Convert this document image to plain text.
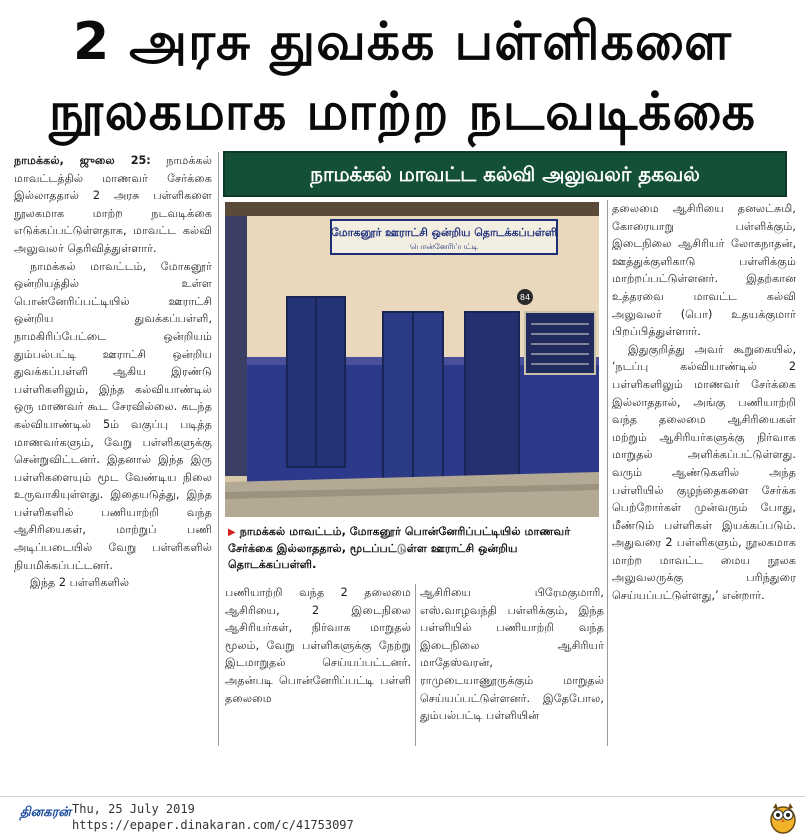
2 அரசு துவக்க பள்ளிகளை
நூலகமாக மாற்ற நடவடிக்கை
நாமக்கல் மாவட்ட கல்வி அலுவலர் தகவல்

நாமக்கல், ஜுலை 25: நாமக்கல் மாவட்டத்தில் மாணவர் சேர்க்கை இல்லாததால் 2 அரசு பள்ளிகளை நூலகமாக மாற்ற நடவடிக்கை எடுக்கப்பட்டுள்ளதாக, மாவட்ட கல்வி அலுவலர் தெரிவித்துள்ளார்.

நாமக்கல் மாவட்டம், மோகனூர் ஒன்றியத்தில் உள்ள பொன்னேரிப்பட்டியில் ஊராட்சி ஒன்றிய துவக்கப்பள்ளி, நாமகிரிப்பேட்டை ஒன்றியம் தும்பல்பட்டி ஊராட்சி ஒன்றிய துவக்கப்பள்ளி ஆகிய இரண்டு பள்ளிகளிலும், இந்த கல்வியாண்டில் ஒரு மாணவர் கூட சேரவில்லை. கடந்த கல்வியாண்டில் 5ம் வகுப்பு படித்த மாணவர்களும், வேறு பள்ளிகளுக்கு சென்றுவிட்டனர். இதனால் இந்த இரு பள்ளிகளையும் மூட வேண்டிய நிலை உருவாகியுள்ளது. இதையடுத்து, இந்த பள்ளிகளில் பணியாற்றி வந்த ஆசிரியைகள், மாற்றுப் பணி அடிப்படையில் வேறு பள்ளிகளில் நியமிக்கப்பட்டனர்.

இந்த 2 பள்ளிகளில்

மோகனூர் ஊராட்சி ஒன்றிய தொடக்கப்பள்ளி
பொன்னேரிப்பட்டி
84
▶ நாமக்கல் மாவட்டம், மோகனூர் பொன்னேரிப்பட்டியில் மாணவர் சேர்க்கை இல்லாததால், மூடப்பட்டுள்ள ஊராட்சி ஒன்றிய தொடக்கப்பள்ளி.

பணியாற்றி வந்த 2 தலைமை ஆசிரியை, 2 இடைநிலை ஆசிரியர்கள், நிர்வாக மாறுதல் மூலம், வேறு பள்ளிகளுக்கு நேற்று இடமாறுதல் செய்யப்பட்டனர். அதன்படி பொன்னேரிப்பட்டி பள்ளி தலைமை

ஆசிரியை பிரேமகுமாரி, எஸ்.வாழவந்தி பள்ளிக்கும், இந்த பள்ளியில் பணியாற்றி வந்த இடைநிலை ஆசிரியர் மாதேஸ்வரன், ராமுடையாணூருக்கும் மாறுதல் செய்யப்பட்டுள்ளனர். இதேபோல, தும்பல்பட்டி பள்ளியின்

தலைமை ஆசிரியை தனலட்சுமி, கோரையாறு பள்ளிக்கும், இடைநிலை ஆசிரியர் லோகநாதன், ஊத்துக்குளிகாடு பள்ளிக்கும் மாற்றப்பட்டுள்ளனர். இதற்கான உத்தரவை மாவட்ட கல்வி அலுவலர் (பொ) உதயக்குமார் பிறப்பித்துள்ளார்.

இதுகுறித்து அவர் கூறுகையில், ‘நடப்பு கல்வியாண்டில் 2 பள்ளிகளிலும் மாணவர் சேர்க்கை இல்லாததால், அங்கு பணியாற்றி வந்த தலைமை ஆசிரியைகள் மற்றும் ஆசிரியர்களுக்கு நிர்வாக மாறுதல் அளிக்கப்பட்டுள்ளது. வரும் ஆண்டுகளில் அந்த பள்ளியில் குழந்தைகளை சேர்க்க பெற்றோர்கள் முன்வரும் போது, மீண்டும் பள்ளிகள் இயக்கப்படும். அதுவரை 2 பள்ளிகளும், நூலகமாக மாற்ற மாவட்ட மைய நூலக அலுவலருக்கு பரிந்துரை செய்யப்பட்டுள்ளது,’ என்றார்.

தினகரன் Thu, 25 July 2019
https://epaper.dinakaran.com/c/41753097
